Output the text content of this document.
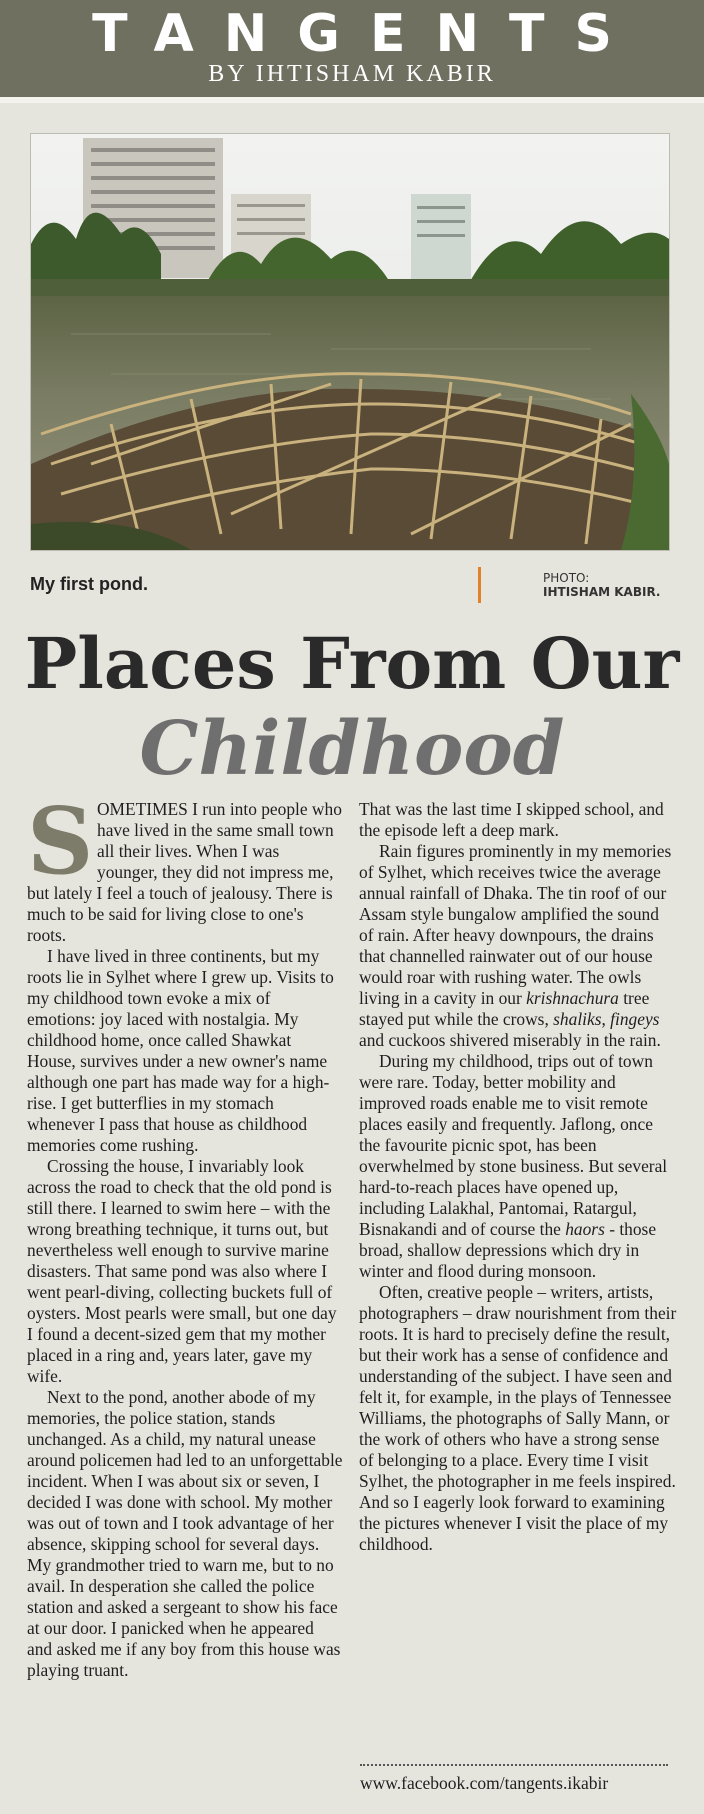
TANGENTS
BY IHTISHAM KABIR
My first pond.	PHOTO:
IHTISHAM KABIR.
Places From Our
Childhood

SOMETIMES I run into people who have lived in the same small town all their lives. When I was younger, they did not impress me, but lately I feel a touch of jealousy. There is much to be said for living close to one's roots.

I have lived in three continents, but my roots lie in Sylhet where I grew up. Visits to my childhood town evoke a mix of emotions: joy laced with nostalgia. My childhood home, once called Shawkat House, survives under a new owner's name although one part has made way for a high-rise. I get butterflies in my stomach whenever I pass that house as childhood memories come rushing.

Crossing the house, I invariably look across the road to check that the old pond is still there. I learned to swim here – with the wrong breathing technique, it turns out, but nevertheless well enough to survive marine disasters. That same pond was also where I went pearl-diving, collecting buckets full of oysters. Most pearls were small, but one day I found a decent-sized gem that my mother placed in a ring and, years later, gave my wife.

Next to the pond, another abode of my memories, the police station, stands unchanged. As a child, my natural unease around policemen had led to an unforgettable incident. When I was about six or seven, I decided I was done with school. My mother was out of town and I took advantage of her absence, skipping school for several days. My grandmother tried to warn me, but to no avail. In desperation she called the police station and asked a sergeant to show his face at our door. I panicked when he appeared and asked me if any boy from this house was playing truant.

That was the last time I skipped school, and the episode left a deep mark.

Rain figures prominently in my memories of Sylhet, which receives twice the average annual rainfall of Dhaka. The tin roof of our Assam style bungalow amplified the sound of rain. After heavy downpours, the drains that channelled rainwater out of our house would roar with rushing water. The owls living in a cavity in our krishnachura tree stayed put while the crows, shaliks, fingeys and cuckoos shivered miserably in the rain.

During my childhood, trips out of town were rare. Today, better mobility and improved roads enable me to visit remote places easily and frequently. Jaflong, once the favourite picnic spot, has been overwhelmed by stone business. But several hard-to-reach places have opened up, including Lalakhal, Pantomai, Ratargul, Bisnakandi and of course the haors - those broad, shallow depressions which dry in winter and flood during monsoon.

Often, creative people – writers, artists, photographers – draw nourishment from their roots. It is hard to precisely define the result, but their work has a sense of confidence and understanding of the subject. I have seen and felt it, for example, in the plays of Tennessee Williams, the photographs of Sally Mann, or the work of others who have a strong sense of belonging to a place. Every time I visit Sylhet, the photographer in me feels inspired. And so I eagerly look forward to examining the pictures whenever I visit the place of my childhood.

www.facebook.com/tangents.ikabir
